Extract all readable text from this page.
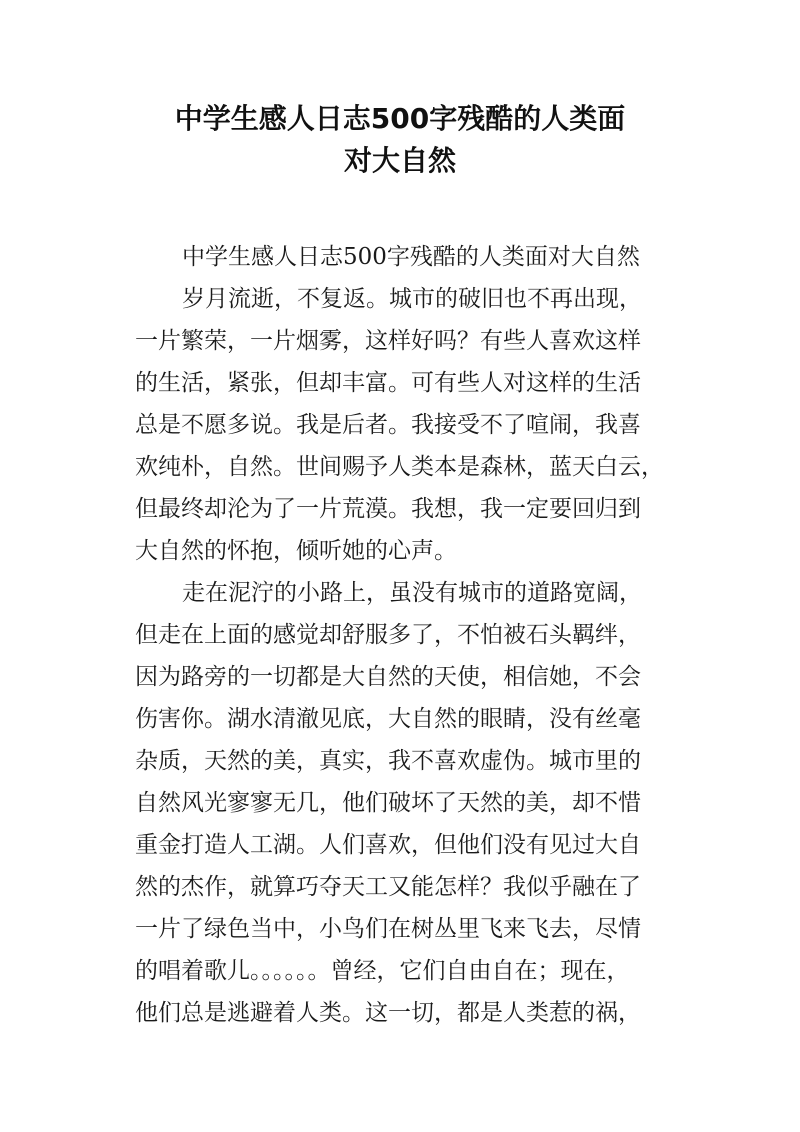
中学生感人日志500字残酷的人类面
对大自然
中学生感人日志500字残酷的人类面对大自然
岁月流逝，不复返。城市的破旧也不再出现，
一片繁荣，一片烟雾，这样好吗？有些人喜欢这样
的生活，紧张，但却丰富。可有些人对这样的生活
总是不愿多说。我是后者。我接受不了喧闹，我喜
欢纯朴，自然。世间赐予人类本是森林，蓝天白云，
但最终却沦为了一片荒漠。我想，我一定要回归到
大自然的怀抱，倾听她的心声。
走在泥泞的小路上，虽没有城市的道路宽阔，
但走在上面的感觉却舒服多了，不怕被石头羁绊，
因为路旁的一切都是大自然的天使，相信她，不会
伤害你。湖水清澈见底，大自然的眼睛，没有丝毫
杂质，天然的美，真实，我不喜欢虚伪。城市里的
自然风光寥寥无几，他们破坏了天然的美，却不惜
重金打造人工湖。人们喜欢，但他们没有见过大自
然的杰作，就算巧夺天工又能怎样？我似乎融在了
一片了绿色当中，小鸟们在树丛里飞来飞去，尽情
的唱着歌儿。。。。。。曾经，它们自由自在；现在，
他们总是逃避着人类。这一切，都是人类惹的祸，
